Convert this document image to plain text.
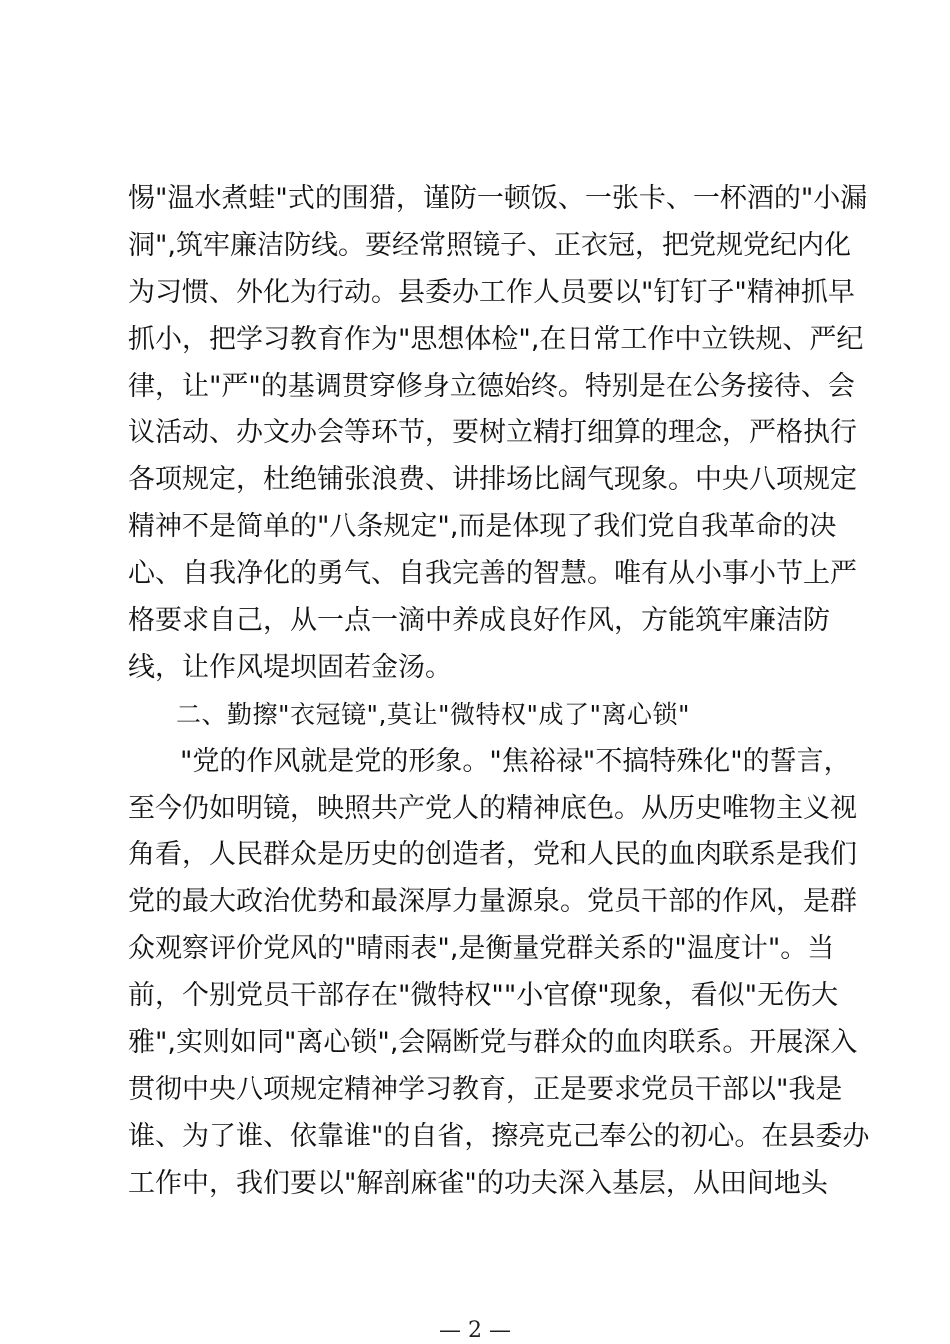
惕"温水煮蛙"式的围猎，谨防一顿饭、一张卡、一杯酒的"小漏
洞",筑牢廉洁防线。要经常照镜子、正衣冠，把党规党纪内化
为习惯、外化为行动。县委办工作人员要以"钉钉子"精神抓早
抓小，把学习教育作为"思想体检",在日常工作中立铁规、严纪
律，让"严"的基调贯穿修身立德始终。特别是在公务接待、会
议活动、办文办会等环节，要树立精打细算的理念，严格执行
各项规定，杜绝铺张浪费、讲排场比阔气现象。中央八项规定
精神不是简单的"八条规定",而是体现了我们党自我革命的决
心、自我净化的勇气、自我完善的智慧。唯有从小事小节上严
格要求自己，从一点一滴中养成良好作风，方能筑牢廉洁防
线，让作风堤坝固若金汤。
二、勤擦"衣冠镜",莫让"微特权"成了"离心锁"
"党的作风就是党的形象。"焦裕禄"不搞特殊化"的誓言，
至今仍如明镜，映照共产党人的精神底色。从历史唯物主义视
角看，人民群众是历史的创造者，党和人民的血肉联系是我们
党的最大政治优势和最深厚力量源泉。党员干部的作风，是群
众观察评价党风的"晴雨表",是衡量党群关系的"温度计"。当
前，个别党员干部存在"微特权""小官僚"现象，看似"无伤大
雅",实则如同"离心锁",会隔断党与群众的血肉联系。开展深入
贯彻中央八项规定精神学习教育，正是要求党员干部以"我是
谁、为了谁、依靠谁"的自省，擦亮克己奉公的初心。在县委办
工作中，我们要以"解剖麻雀"的功夫深入基层，从田间地头
— 2 —
